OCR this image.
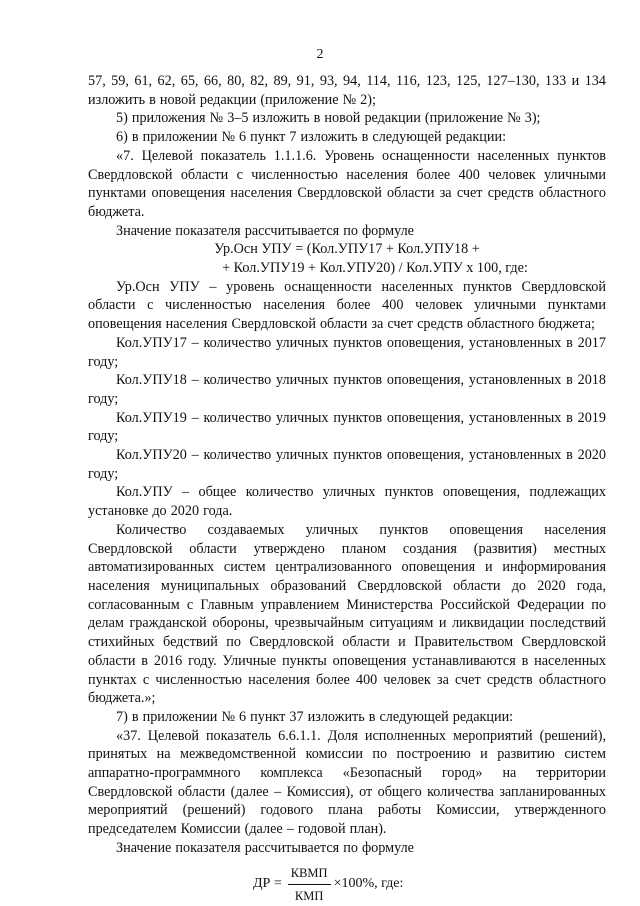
2

57, 59, 61, 62, 65, 66, 80, 82, 89, 91, 93, 94, 114, 116, 123, 125, 127–130, 133 и 134 изложить в новой редакции (приложение № 2);

5) приложения № 3–5 изложить в новой редакции (приложение № 3);

6) в приложении № 6 пункт 7 изложить в следующей редакции:

«7. Целевой показатель 1.1.1.6. Уровень оснащенности населенных пунктов Свердловской области с численностью населения более 400 человек уличными пунктами оповещения населения Свердловской области за счет средств областного бюджета.

Значение показателя рассчитывается по формуле

Ур.Осн УПУ = (Кол.УПУ17 + Кол.УПУ18 +
+ Кол.УПУ19 + Кол.УПУ20) / Кол.УПУ х 100, где:

Ур.Осн УПУ – уровень оснащенности населенных пунктов Свердловской области с численностью населения более 400 человек уличными пунктами оповещения населения Свердловской области за счет средств областного бюджета;

Кол.УПУ17 – количество уличных пунктов оповещения, установленных в 2017 году;

Кол.УПУ18 – количество уличных пунктов оповещения, установленных в 2018 году;

Кол.УПУ19 – количество уличных пунктов оповещения, установленных в 2019 году;

Кол.УПУ20 – количество уличных пунктов оповещения, установленных в 2020 году;

Кол.УПУ – общее количество уличных пунктов оповещения, подлежащих установке до 2020 года.

Количество создаваемых уличных пунктов оповещения населения Свердловской области утверждено планом создания (развития) местных автоматизированных систем централизованного оповещения и информирования населения муниципальных образований Свердловской области до 2020 года, согласованным с Главным управлением Министерства Российской Федерации по делам гражданской обороны, чрезвычайным ситуациям и ликвидации последствий стихийных бедствий по Свердловской области и Правительством Свердловской области в 2016 году. Уличные пункты оповещения устанавливаются в населенных пунктах с численностью населения более 400 человек за счет средств областного бюджета.»;

7) в приложении № 6 пункт 37 изложить в следующей редакции:

«37. Целевой показатель 6.6.1.1. Доля исполненных мероприятий (решений), принятых на межведомственной комиссии по построению и развитию систем аппаратно-программного комплекса «Безопасный город» на территории Свердловской области (далее – Комиссия), от общего количества запланированных мероприятий (решений) годового плана работы Комиссии, утвержденного председателем Комиссии (далее – годовой план).

Значение показателя рассчитывается по формуле

ДР = $\frac{\text{КВМП}}{\text{КМП}} \times 100\%$, где:
